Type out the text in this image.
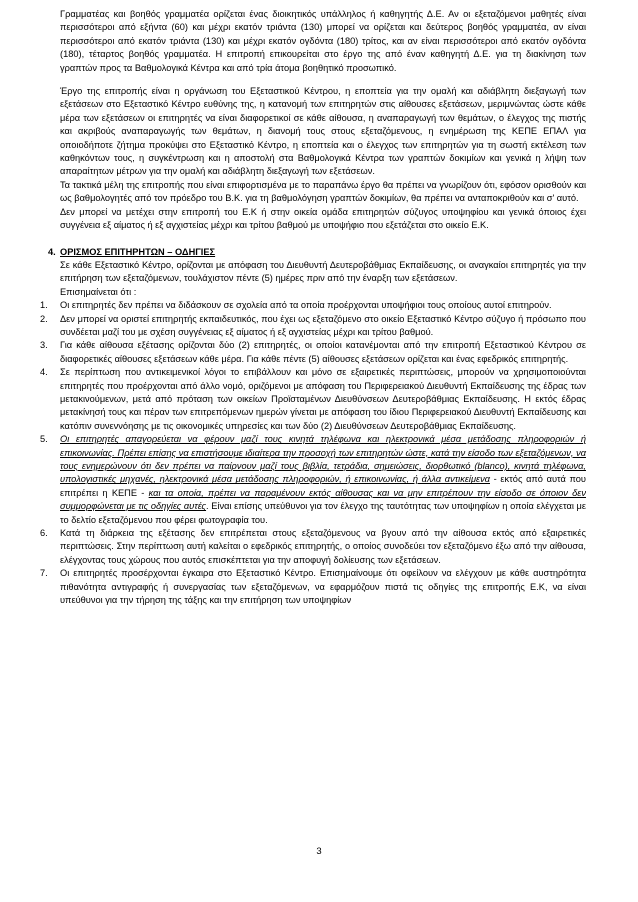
Γραμματέας και βοηθός γραμματέα ορίζεται ένας διοικητικός υπάλληλος ή καθηγητής Δ.Ε. Αν οι εξεταζόμενοι μαθητές είναι περισσότεροι από εξήντα (60) και μέχρι εκατόν τριάντα (130) μπορεί να ορίζεται και δεύτερος βοηθός γραμματέα, αν είναι περισσότεροι από εκατόν τριάντα (130) και μέχρι εκατόν ογδόντα (180) τρίτος, και αν είναι περισσότεροι από εκατόν ογδόντα (180), τέταρτος βοηθός γραμματέα. Η επιτροπή επικουρείται στο έργο της από έναν καθηγητή Δ.Ε. για τη διακίνηση των γραπτών προς τα Βαθμολογικά Κέντρα και από τρία άτομα βοηθητικό προσωπικό.

Έργο της επιτροπής είναι η οργάνωση του Εξεταστικού Κέντρου, η εποπτεία για την ομαλή και αδιάβλητη διεξαγωγή των εξετάσεων στο Εξεταστικό Κέντρο ευθύνης της, η κατανομή των επιτηρητών στις αίθουσες εξετάσεων, μεριμνώντας ώστε κάθε μέρα των εξετάσεων οι επιτηρητές να είναι διαφορετικοί σε κάθε αίθουσα, η αναπαραγωγή των θεμάτων, ο έλεγχος της πιστής και ακριβούς αναπαραγωγής των θεμάτων, η διανομή τους στους εξεταζόμενους, η ενημέρωση της ΚΕΠΕ ΕΠΑΛ για οποιοδήποτε ζήτημα προκύψει στο Εξεταστικό Κέντρο, η εποπτεία και ο έλεγχος των επιτηρητών για τη σωστή εκτέλεση των καθηκόντων τους, η συγκέντρωση και η αποστολή στα Βαθμολογικά Κέντρα των γραπτών δοκιμίων και γενικά η λήψη των απαραίτητων μέτρων για την ομαλή και αδιάβλητη διεξαγωγή των εξετάσεων.

Τα τακτικά μέλη της επιτροπής που είναι επιφορτισμένα με το παραπάνω έργο θα πρέπει να γνωρίζουν ότι, εφόσον ορισθούν και ως βαθμολογητές από τον πρόεδρο του Β.Κ. για τη βαθμολόγηση γραπτών δοκιμίων, θα πρέπει να ανταποκριθούν και σ' αυτό.

Δεν μπορεί να μετέχει στην επιτροπή του Ε.Κ ή στην οικεία ομάδα επιτηρητών σύζυγος υποψηφίου και γενικά όποιος έχει συγγένεια εξ αίματος ή εξ αγχιστείας μέχρι και τρίτου βαθμού με υποψήφιο που εξετάζεται στο οικείο Ε.Κ.

4. ΟΡΙΣΜΟΣ ΕΠΙΤΗΡΗΤΩΝ – ΟΔΗΓΙΕΣ

Σε κάθε Εξεταστικό Κέντρο, ορίζονται με απόφαση του Διευθυντή Δευτεροβάθμιας Εκπαίδευσης, οι αναγκαίοι επιτηρητές για την επιτήρηση των εξεταζόμενων, τουλάχιστον πέντε (5) ημέρες πριν από την έναρξη των εξετάσεων.

Επισημαίνεται ότι :

1.	Οι επιτηρητές δεν πρέπει να διδάσκουν σε σχολεία από τα οποία προέρχονται υποψήφιοι τους οποίους αυτοί επιτηρούν.
2.	Δεν μπορεί να οριστεί επιτηρητής εκπαιδευτικός, που έχει ως εξεταζόμενο στο οικείο Εξεταστικό Κέντρο σύζυγο ή πρόσωπο που συνδέεται μαζί του με σχέση συγγένειας εξ αίματος ή εξ αγχιστείας μέχρι και τρίτου βαθμού.
3.	Για κάθε αίθουσα εξέτασης ορίζονται δύο (2) επιτηρητές, οι οποίοι κατανέμονται από την επιτροπή Εξεταστικού Κέντρου σε διαφορετικές αίθουσες εξετάσεων κάθε μέρα. Για κάθε πέντε (5) αίθουσες εξετάσεων ορίζεται και ένας εφεδρικός επιτηρητής.
4.	Σε περίπτωση που αντικειμενικοί λόγοι το επιβάλλουν και μόνο σε εξαιρετικές περιπτώσεις, μπορούν να χρησιμοποιούνται επιτηρητές που προέρχονται από άλλο νομό, οριζόμενοι με απόφαση του Περιφερειακού Διευθυντή Εκπαίδευσης της έδρας των μετακινούμενων, μετά από πρόταση των οικείων Προϊσταμένων Διευθύνσεων Δευτεροβάθμιας Εκπαίδευσης. Η εκτός έδρας μετακίνησή τους και πέραν των επιτρεπόμενων ημερών γίνεται με απόφαση του ίδιου Περιφερειακού Διευθυντή Εκπαίδευσης και κατόπιν συνεννόησης με τις οικονομικές υπηρεσίες και των δύο (2) Διευθύνσεων Δευτεροβάθμιας Εκπαίδευσης.
5.	Οι επιτηρητές απαγορεύεται να φέρουν μαζί τους κινητά τηλέφωνα και ηλεκτρονικά μέσα μετάδοσης πληροφοριών ή επικοινωνίας. Πρέπει επίσης να επιστήσουμε ιδιαίτερα την προσοχή των επιτηρητών ώστε, κατά την είσοδο των εξεταζόμενων, να τους ενημερώνουν ότι δεν πρέπει να παίρνουν μαζί τους βιβλία, τετράδια, σημειώσεις, διορθωτικό (blanco), κινητά τηλέφωνα, υπολογιστικές μηχανές, ηλεκτρονικά μέσα μετάδοσης πληροφοριών, ή επικοινωνίας, ή άλλα αντικείμενα - εκτός από αυτά που επιτρέπει η ΚΕΠΕ - και τα οποία, πρέπει να παραμένουν εκτός αίθουσας και να μην επιτρέπουν την είσοδο σε όποιον δεν συμμορφώνεται με τις οδηγίες αυτές. Είναι επίσης υπεύθυνοι για τον έλεγχο της ταυτότητας των υποψηφίων η οποία ελέγχεται με το δελτίο εξεταζόμενου που φέρει φωτογραφία του.
6.	Κατά τη διάρκεια της εξέτασης δεν επιτρέπεται στους εξεταζόμενους να βγουν από την αίθουσα εκτός από εξαιρετικές περιπτώσεις. Στην περίπτωση αυτή καλείται ο εφεδρικός επιτηρητής, ο οποίος συνοδεύει τον εξεταζόμενο έξω από την αίθουσα, ελέγχοντας τους χώρους που αυτός επισκέπτεται για την αποφυγή δολίευσης των εξετάσεων.
7.	Οι επιτηρητές προσέρχονται έγκαιρα στο Εξεταστικό Κέντρο. Επισημαίνουμε ότι οφείλουν να ελέγχουν με κάθε αυστηρότητα πιθανότητα αντιγραφής ή συνεργασίας των εξεταζόμενων, να εφαρμόζουν πιστά τις οδηγίες της επιτροπής Ε.Κ, να είναι υπεύθυνοι για την τήρηση της τάξης και την επιτήρηση των υποψηφίων
3
